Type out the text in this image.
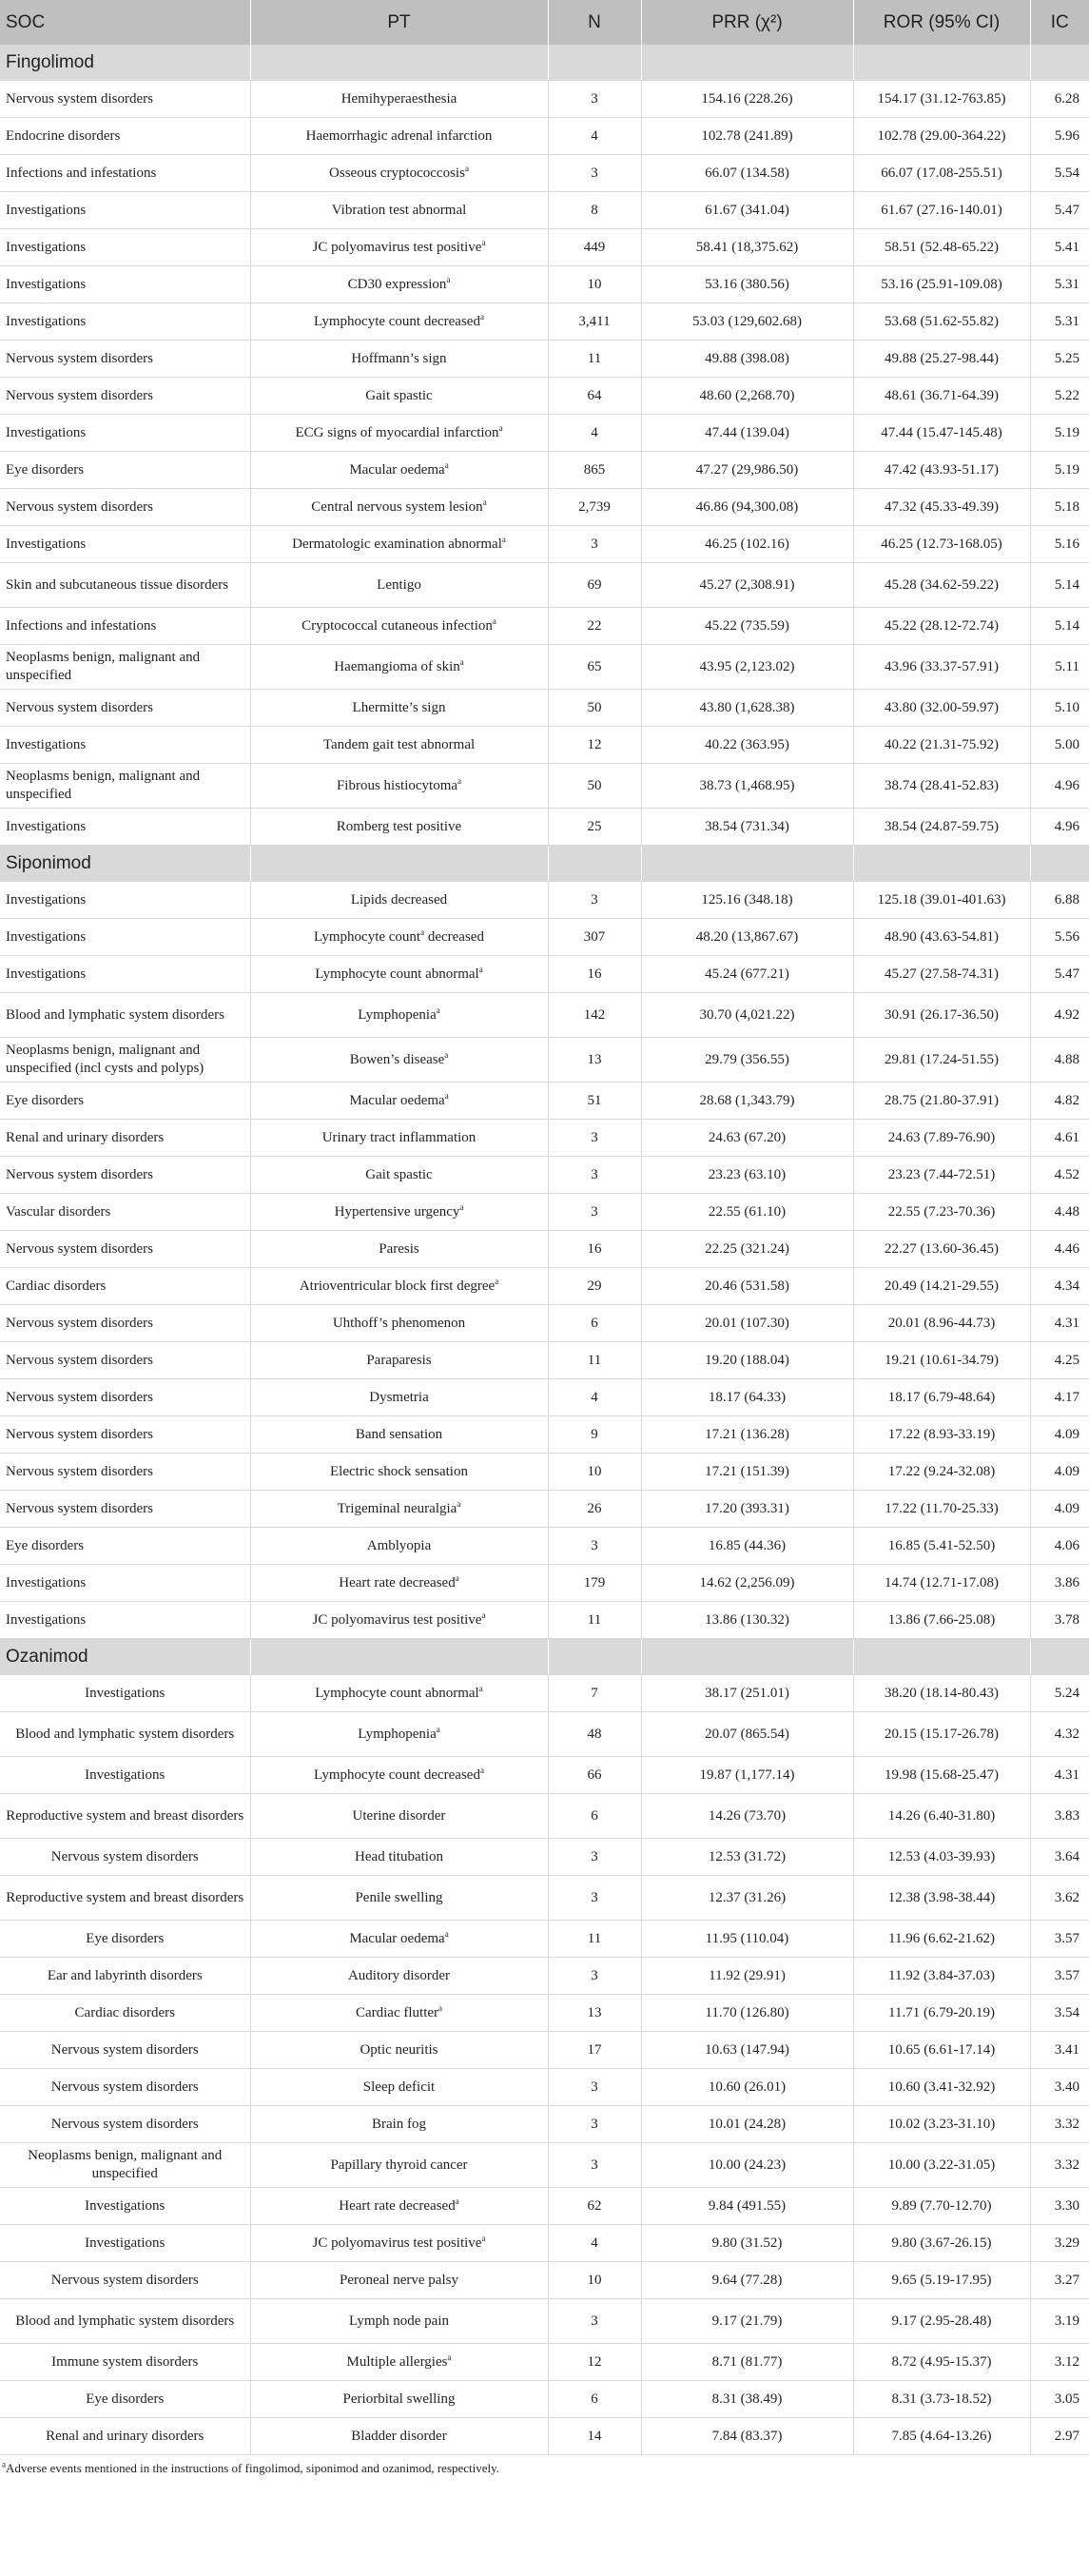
SOC	PT	N	PRR (χ²)	ROR (95% CI)	IC
Fingolimod					
Nervous system disorders	Hemihyperaesthesia	3	154.16 (228.26)	154.17 (31.12-763.85)	6.28
Endocrine disorders	Haemorrhagic adrenal infarction	4	102.78 (241.89)	102.78 (29.00-364.22)	5.96
Infections and infestations	Osseous cryptococcosis$^a$	3	66.07 (134.58)	66.07 (17.08-255.51)	5.54
Investigations	Vibration test abnormal	8	61.67 (341.04)	61.67 (27.16-140.01)	5.47
Investigations	JC polyomavirus test positive$^a$	449	58.41 (18,375.62)	58.51 (52.48-65.22)	5.41
Investigations	CD30 expression$^a$	10	53.16 (380.56)	53.16 (25.91-109.08)	5.31
Investigations	Lymphocyte count decreased$^a$	3,411	53.03 (129,602.68)	53.68 (51.62-55.82)	5.31
Nervous system disorders	Hoffmann’s sign	11	49.88 (398.08)	49.88 (25.27-98.44)	5.25
Nervous system disorders	Gait spastic	64	48.60 (2,268.70)	48.61 (36.71-64.39)	5.22
Investigations	ECG signs of myocardial infarction$^a$	4	47.44 (139.04)	47.44 (15.47-145.48)	5.19
Eye disorders	Macular oedema$^a$	865	47.27 (29,986.50)	47.42 (43.93-51.17)	5.19
Nervous system disorders	Central nervous system lesion$^a$	2,739	46.86 (94,300.08)	47.32 (45.33-49.39)	5.18
Investigations	Dermatologic examination abnormal$^a$	3	46.25 (102.16)	46.25 (12.73-168.05)	5.16
Skin and subcutaneous tissue disorders	Lentigo	69	45.27 (2,308.91)	45.28 (34.62-59.22)	5.14
Infections and infestations	Cryptococcal cutaneous infection$^a$	22	45.22 (735.59)	45.22 (28.12-72.74)	5.14
Neoplasms benign, malignant and unspecified	Haemangioma of skin$^a$	65	43.95 (2,123.02)	43.96 (33.37-57.91)	5.11
Nervous system disorders	Lhermitte’s sign	50	43.80 (1,628.38)	43.80 (32.00-59.97)	5.10
Investigations	Tandem gait test abnormal	12	40.22 (363.95)	40.22 (21.31-75.92)	5.00
Neoplasms benign, malignant and unspecified	Fibrous histiocytoma$^a$	50	38.73 (1,468.95)	38.74 (28.41-52.83)	4.96
Investigations	Romberg test positive	25	38.54 (731.34)	38.54 (24.87-59.75)	4.96
Siponimod					
Investigations	Lipids decreased	3	125.16 (348.18)	125.18 (39.01-401.63)	6.88
Investigations	Lymphocyte count$^a$ decreased	307	48.20 (13,867.67)	48.90 (43.63-54.81)	5.56
Investigations	Lymphocyte count abnormal$^a$	16	45.24 (677.21)	45.27 (27.58-74.31)	5.47
Blood and lymphatic system disorders	Lymphopenia$^a$	142	30.70 (4,021.22)	30.91 (26.17-36.50)	4.92
Neoplasms benign, malignant and unspecified (incl cysts and polyps)	Bowen’s disease$^a$	13	29.79 (356.55)	29.81 (17.24-51.55)	4.88
Eye disorders	Macular oedema$^a$	51	28.68 (1,343.79)	28.75 (21.80-37.91)	4.82
Renal and urinary disorders	Urinary tract inflammation	3	24.63 (67.20)	24.63 (7.89-76.90)	4.61
Nervous system disorders	Gait spastic	3	23.23 (63.10)	23.23 (7.44-72.51)	4.52
Vascular disorders	Hypertensive urgency$^a$	3	22.55 (61.10)	22.55 (7.23-70.36)	4.48
Nervous system disorders	Paresis	16	22.25 (321.24)	22.27 (13.60-36.45)	4.46
Cardiac disorders	Atrioventricular block first degree$^a$	29	20.46 (531.58)	20.49 (14.21-29.55)	4.34
Nervous system disorders	Uhthoff’s phenomenon	6	20.01 (107.30)	20.01 (8.96-44.73)	4.31
Nervous system disorders	Paraparesis	11	19.20 (188.04)	19.21 (10.61-34.79)	4.25
Nervous system disorders	Dysmetria	4	18.17 (64.33)	18.17 (6.79-48.64)	4.17
Nervous system disorders	Band sensation	9	17.21 (136.28)	17.22 (8.93-33.19)	4.09
Nervous system disorders	Electric shock sensation	10	17.21 (151.39)	17.22 (9.24-32.08)	4.09
Nervous system disorders	Trigeminal neuralgia$^a$	26	17.20 (393.31)	17.22 (11.70-25.33)	4.09
Eye disorders	Amblyopia	3	16.85 (44.36)	16.85 (5.41-52.50)	4.06
Investigations	Heart rate decreased$^a$	179	14.62 (2,256.09)	14.74 (12.71-17.08)	3.86
Investigations	JC polyomavirus test positive$^a$	11	13.86 (130.32)	13.86 (7.66-25.08)	3.78
Ozanimod					
Investigations	Lymphocyte count abnormal$^a$	7	38.17 (251.01)	38.20 (18.14-80.43)	5.24
Blood and lymphatic system disorders	Lymphopenia$^a$	48	20.07 (865.54)	20.15 (15.17-26.78)	4.32
Investigations	Lymphocyte count decreased$^a$	66	19.87 (1,177.14)	19.98 (15.68-25.47)	4.31
Reproductive system and breast disorders	Uterine disorder	6	14.26 (73.70)	14.26 (6.40-31.80)	3.83
Nervous system disorders	Head titubation	3	12.53 (31.72)	12.53 (4.03-39.93)	3.64
Reproductive system and breast disorders	Penile swelling	3	12.37 (31.26)	12.38 (3.98-38.44)	3.62
Eye disorders	Macular oedema$^a$	11	11.95 (110.04)	11.96 (6.62-21.62)	3.57
Ear and labyrinth disorders	Auditory disorder	3	11.92 (29.91)	11.92 (3.84-37.03)	3.57
Cardiac disorders	Cardiac flutter$^a$	13	11.70 (126.80)	11.71 (6.79-20.19)	3.54
Nervous system disorders	Optic neuritis	17	10.63 (147.94)	10.65 (6.61-17.14)	3.41
Nervous system disorders	Sleep deficit	3	10.60 (26.01)	10.60 (3.41-32.92)	3.40
Nervous system disorders	Brain fog	3	10.01 (24.28)	10.02 (3.23-31.10)	3.32
Neoplasms benign, malignant and unspecified	Papillary thyroid cancer	3	10.00 (24.23)	10.00 (3.22-31.05)	3.32
Investigations	Heart rate decreased$^a$	62	9.84 (491.55)	9.89 (7.70-12.70)	3.30
Investigations	JC polyomavirus test positive$^a$	4	9.80 (31.52)	9.80 (3.67-26.15)	3.29
Nervous system disorders	Peroneal nerve palsy	10	9.64 (77.28)	9.65 (5.19-17.95)	3.27
Blood and lymphatic system disorders	Lymph node pain	3	9.17 (21.79)	9.17 (2.95-28.48)	3.19
Immune system disorders	Multiple allergies$^a$	12	8.71 (81.77)	8.72 (4.95-15.37)	3.12
Eye disorders	Periorbital swelling	6	8.31 (38.49)	8.31 (3.73-18.52)	3.05
Renal and urinary disorders	Bladder disorder	14	7.84 (83.37)	7.85 (4.64-13.26)	2.97
$^a$Adverse events mentioned in the instructions of fingolimod, siponimod and ozanimod, respectively.
